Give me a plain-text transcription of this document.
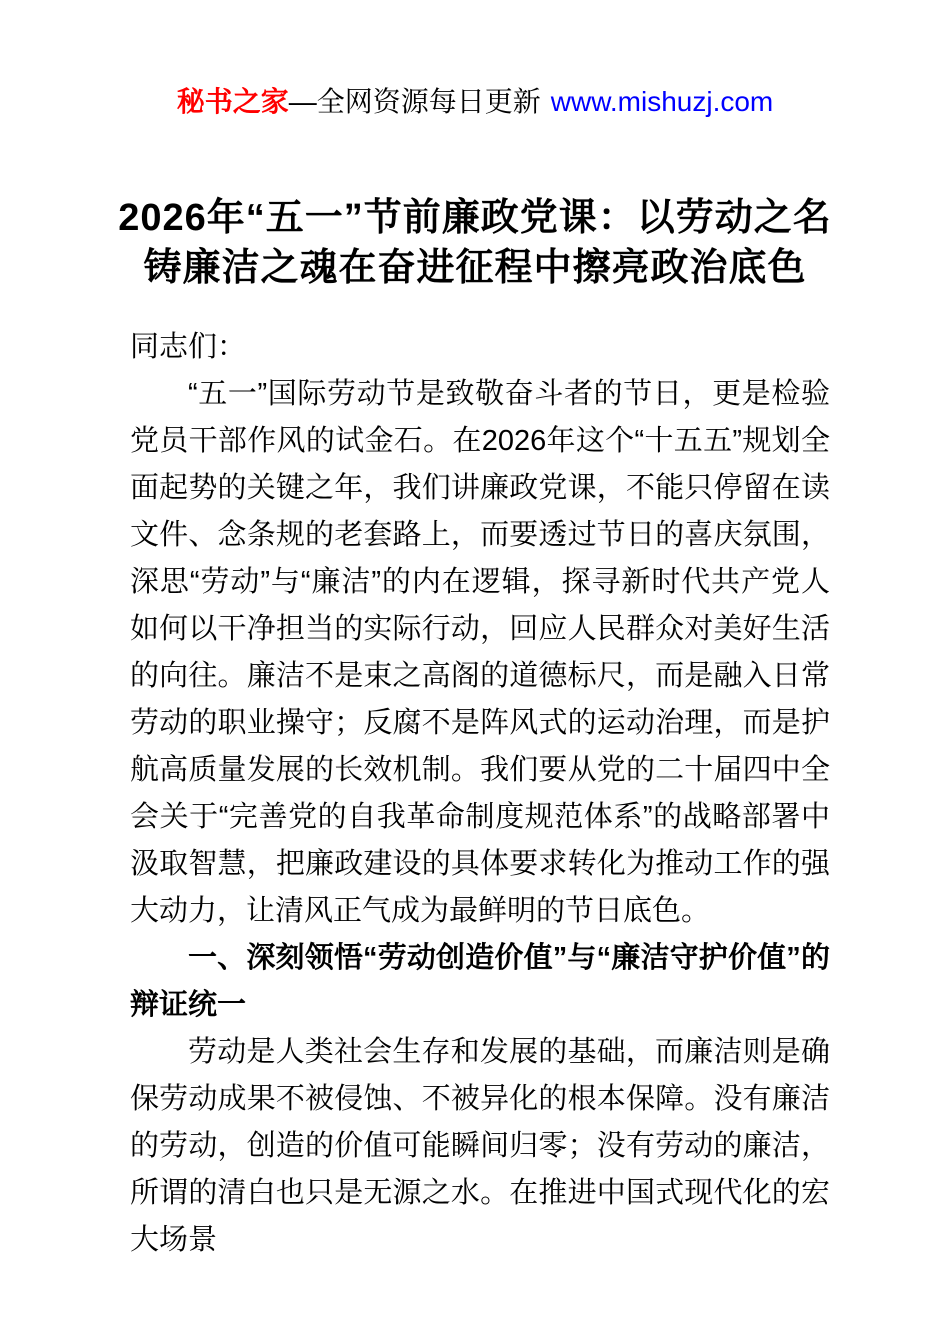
秘书之家—全网资源每日更新 www.mishuzj.com
2026年“五一”节前廉政党课：以劳动之名铸廉洁之魂在奋进征程中擦亮政治底色

同志们：

“五一”国际劳动节是致敬奋斗者的节日，更是检验党员干部作风的试金石。在2026年这个“十五五”规划全面起势的关键之年，我们讲廉政党课，不能只停留在读文件、念条规的老套路上，而要透过节日的喜庆氛围，深思“劳动”与“廉洁”的内在逻辑，探寻新时代共产党人如何以干净担当的实际行动，回应人民群众对美好生活的向往。廉洁不是束之高阁的道德标尺，而是融入日常劳动的职业操守；反腐不是阵风式的运动治理，而是护航高质量发展的长效机制。我们要从党的二十届四中全会关于“完善党的自我革命制度规范体系”的战略部署中汲取智慧，把廉政建设的具体要求转化为推动工作的强大动力，让清风正气成为最鲜明的节日底色。

一、深刻领悟“劳动创造价值”与“廉洁守护价值”的辩证统一

劳动是人类社会生存和发展的基础，而廉洁则是确保劳动成果不被侵蚀、不被异化的根本保障。没有廉洁的劳动，创造的价值可能瞬间归零；没有劳动的廉洁，所谓的清白也只是无源之水。在推进中国式现代化的宏大场景
